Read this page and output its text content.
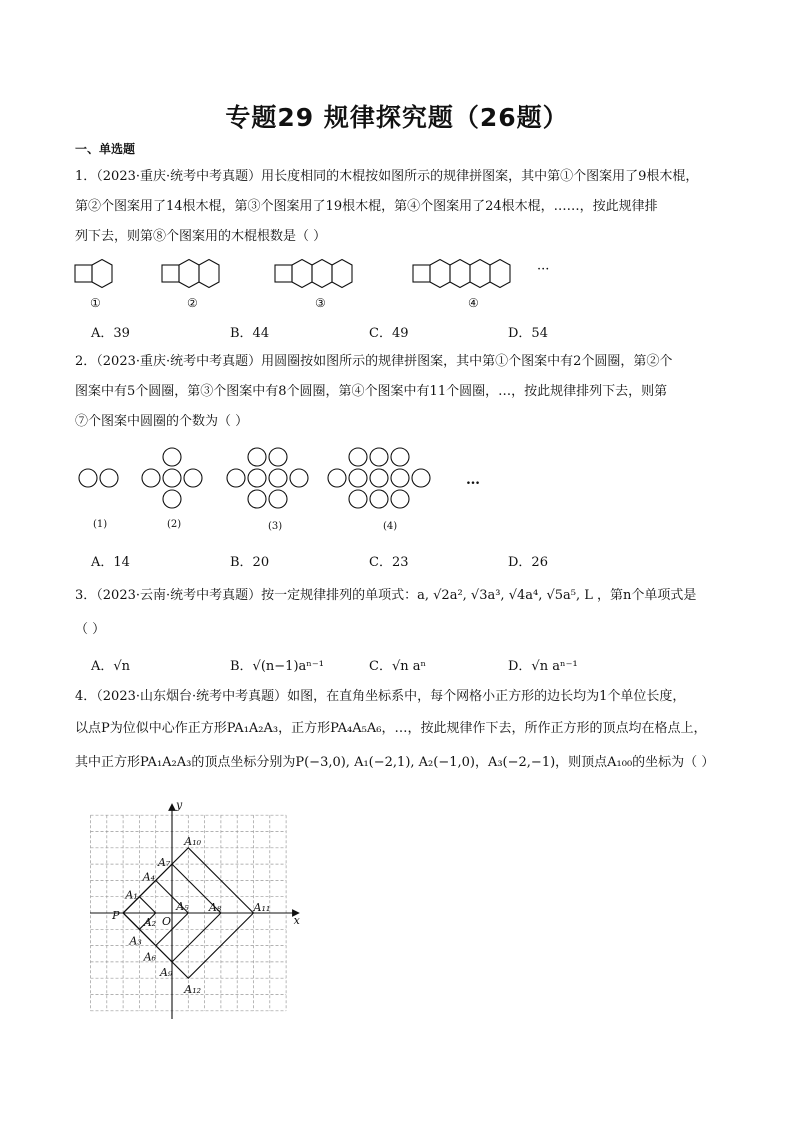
专题29 规律探究题（26题）
一、单选题
1．（2023·重庆·统考中考真题）用长度相同的木棍按如图所示的规律拼图案，其中第①个图案用了9根木棍，
第②个图案用了14根木棍，第③个图案用了19根木棍，第④个图案用了24根木棍，……，按此规律排
列下去，则第⑧个图案用的木棍根数是（ ）
···
①	②	③	④
A．39	B．44	C．49	D．54
2．（2023·重庆·统考中考真题）用圆圈按如图所示的规律拼图案，其中第①个图案中有2个圆圈，第②个
图案中有5个圆圈，第③个图案中有8个圆圈，第④个图案中有11个圆圈，…，按此规律排列下去，则第
⑦个图案中圆圈的个数为（ ）
…
(1)	(2)	(3)	(4)
A．14	B．20	C．23	D．26
3．（2023·云南·统考中考真题）按一定规律排列的单项式：a, √2a², √3a³, √4a⁴, √5a⁵, L ，第n个单项式是
（ ）
A．√n	B．√(n−1)aⁿ⁻¹	C．√n aⁿ	D．√n aⁿ⁻¹
4．（2023·山东烟台·统考中考真题）如图，在直角坐标系中，每个网格小正方形的边长均为1个单位长度，
以点P为位似中心作正方形PA₁A₂A₃，正方形PA₄A₅A₆，…，按此规律作下去，所作正方形的顶点均在格点上，
其中正方形PA₁A₂A₃的顶点坐标分别为P(−3,0), A₁(−2,1), A₂(−1,0)，A₃(−2,−1)，则顶点A₁₀₀的坐标为（ ）
x
y
O
P
A₁
A₂
A₃
A₄
A₅
A₆
A₇
A₈
A₉
A₁₀
A₁₁
A₁₂
